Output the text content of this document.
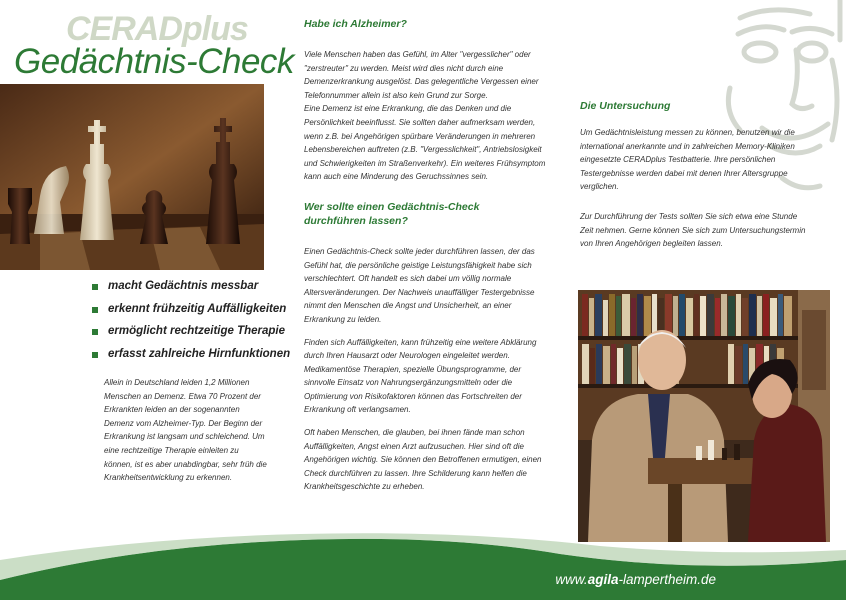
CERADplus
Gedächtnis-Check
macht Gedächtnis messbar
erkennt frühzeitig Auffälligkeiten
ermöglicht rechtzeitige Therapie
erfasst zahlreiche Hirnfunktionen

Allein in Deutschland leiden 1,2 Millionen Menschen an Demenz. Etwa 70 Prozent der Erkrankten leiden an der sogenannten Demenz vom Alzheimer-Typ. Der Beginn der Erkrankung ist langsam und schleichend. Um eine rechtzeitige Therapie einleiten zu können, ist es aber unabdingbar, sehr früh die Krankheitsentwicklung zu erkennen.

Habe ich Alzheimer?

Viele Menschen haben das Gefühl, im Alter "vergesslicher" oder "zerstreuter" zu werden. Meist wird dies nicht durch eine Demenzerkrankung ausgelöst. Das gelegentliche Vergessen einer Telefonnummer allein ist also kein Grund zur Sorge.

Eine Demenz ist eine Erkrankung, die das Denken und die Persönlichkeit beeinflusst. Sie sollten daher aufmerksam werden, wenn z.B. bei Angehörigen spürbare Veränderungen in mehreren Lebensbereichen auftreten (z.B. "Vergesslichkeit", Antriebslosigkeit und Schwierigkeiten im Straßenverkehr). Ein weiteres Frühsymptom kann auch eine Minderung des Geruchssinnes sein.

Wer sollte einen Gedächtnis-Check
durchführen lassen?

Einen Gedächtnis-Check sollte jeder durchführen lassen, der das Gefühl hat, die persönliche geistige Leistungsfähigkeit habe sich verschlechtert. Oft handelt es sich dabei um völlig normale Altersveränderungen. Der Nachweis unauffälliger Testergebnisse nimmt den Menschen die Angst und Unsicherheit, an einer Erkrankung zu leiden.

Finden sich Auffälligkeiten, kann frühzeitig eine weitere Abklärung durch Ihren Hausarzt oder Neurologen eingeleitet werden. Medikamentöse Therapien, spezielle Übungsprogramme, der sinnvolle Einsatz von Nahrungsergänzungsmitteln oder die Optimierung von Risikofaktoren können das Fortschreiten der Erkrankung oft verlangsamen.

Oft haben Menschen, die glauben, bei ihnen fände man schon Auffälligkeiten, Angst einen Arzt aufzusuchen. Hier sind oft die Angehörigen wichtig. Sie können den Betroffenen ermutigen, einen Check durchführen zu lassen. Ihre Schilderung kann helfen die Krankheitsgeschichte zu erheben.

Die Untersuchung

Um Gedächtnisleistung messen zu können, benutzen wir die international anerkannte und in zahlreichen Memory-Kliniken eingesetzte CERADplus Testbatterie. Ihre persönlichen Testergebnisse werden dabei mit denen Ihrer Altersgruppe verglichen.

Zur Durchführung der Tests sollten Sie sich etwa eine Stunde Zeit nehmen. Gerne können Sie sich zum Untersuchungstermin von Ihren Angehörigen begleiten lassen.

www.agila-lampertheim.de
